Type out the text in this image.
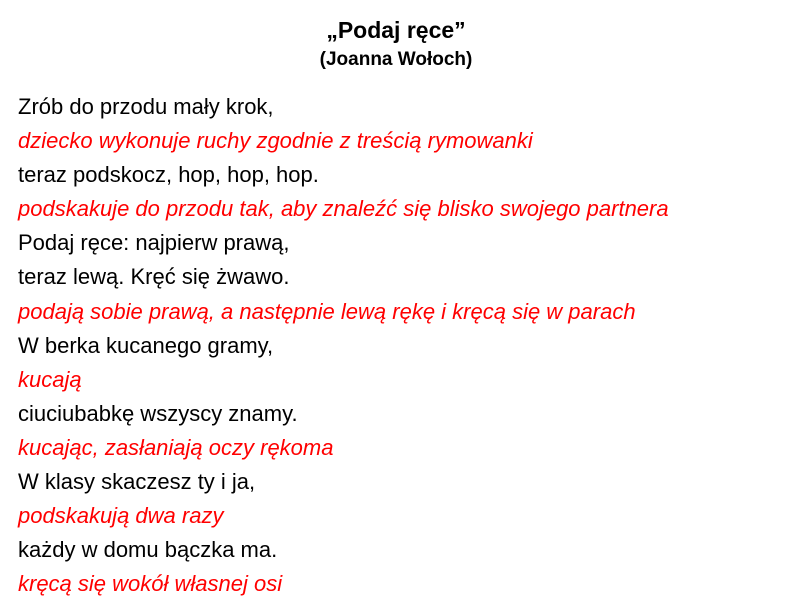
„Podaj ręce”
(Joanna Wołoch)
Zrób do przodu mały krok,
dziecko wykonuje ruchy zgodnie z treścią rymowanki
teraz podskocz, hop, hop, hop.
podskakuje do przodu tak, aby znaleźć się blisko swojego partnera
Podaj ręce: najpierw prawą,
teraz lewą. Kręć się żwawo.
podają sobie prawą, a następnie lewą rękę i kręcą się w parach
W berka kucanego gramy,
kucają
ciuciubabkę wszyscy znamy.
kucając, zasłaniają oczy rękoma
W klasy skaczesz ty i ja,
podskakują dwa razy
każdy w domu bączka ma.
kręcą się wokół własnej osi
